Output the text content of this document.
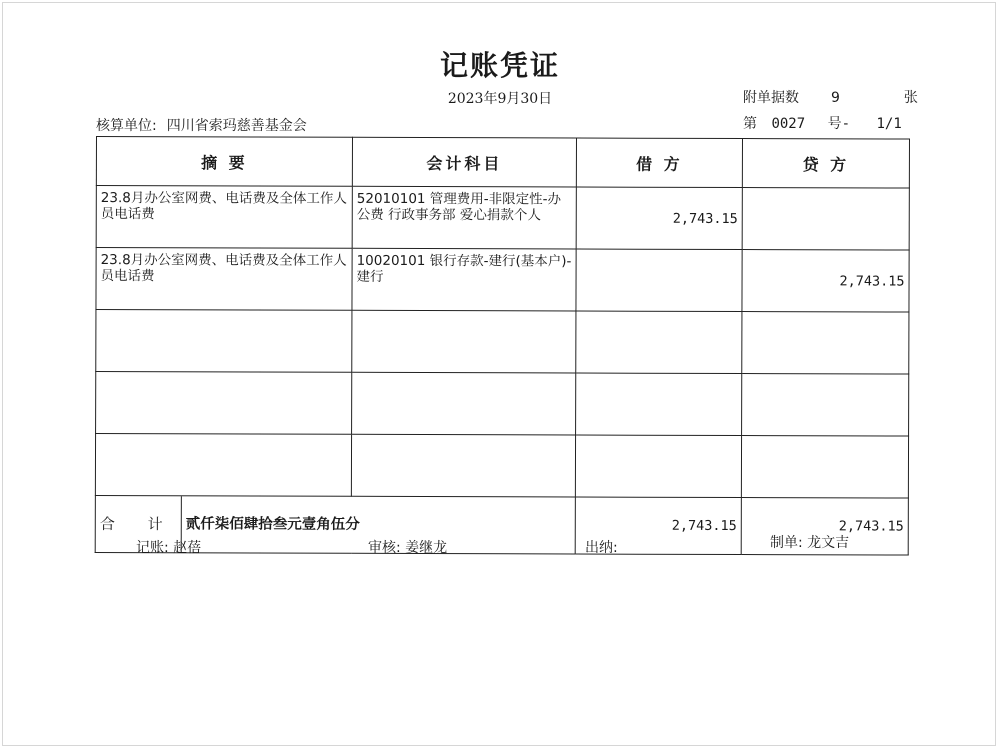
记账凭证
2023年9月30日
核算单位: 四川省索玛慈善基金会
附单据数 9	张
第 0027 号- 1/1
摘 要	会计科目	借 方	贷 方
23.8月办公室网费、电话费及全体工作人员电话费	52010101 管理费用-非限定性-办公费 行政事务部 爱心捐款个人	2,743.15	
23.8月办公室网费、电话费及全体工作人员电话费	10020101 银行存款-建行(基本户)-建行		2,743.15

合 计 贰仟柒佰肆拾叁元壹角伍分		2,743.15	2,743.15
记账: 赵蓓	审核: 姜继龙	出纳:	制单: 龙文吉
